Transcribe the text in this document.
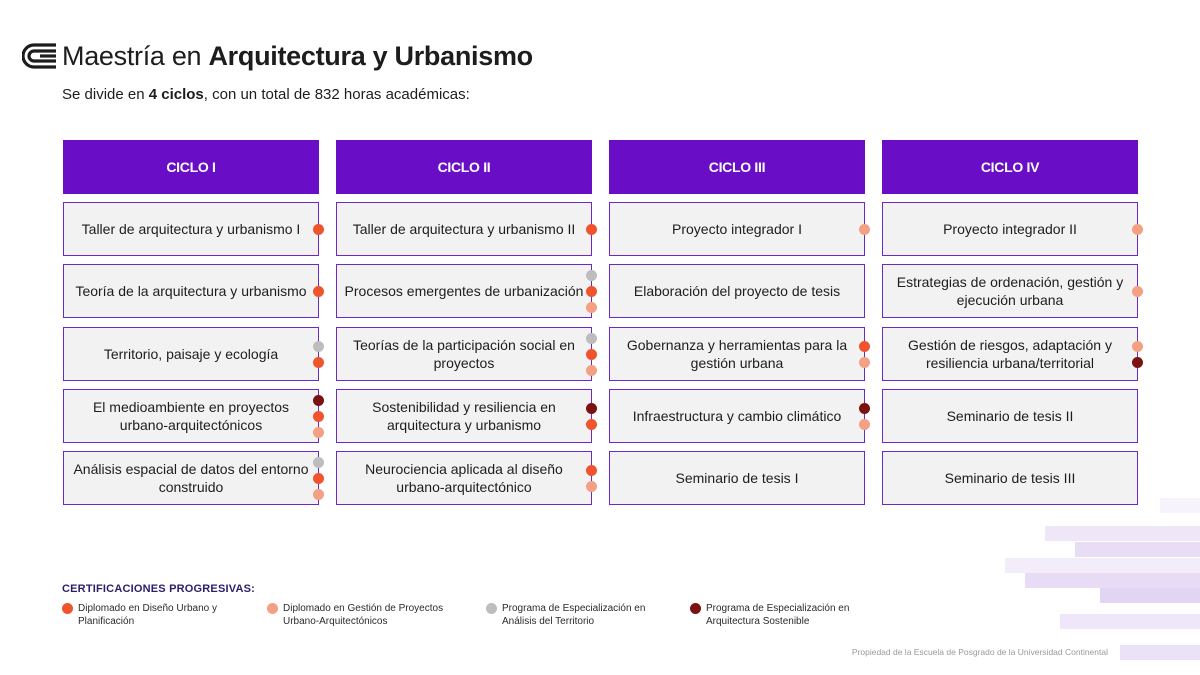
Maestría en Arquitectura y Urbanismo
Se divide en 4 ciclos, con un total de 832 horas académicas:
CICLO I
Taller de arquitectura y urbanismo I
Teoría de la arquitectura y urbanismo
Territorio, paisaje y ecología
El medioambiente en proyectos urbano-arquitectónicos
Análisis espacial de datos del entorno construido
CICLO II
Taller de arquitectura y urbanismo II
Procesos emergentes de urbanización
Teorías de la participación social en proyectos
Sostenibilidad y resiliencia en arquitectura y urbanismo
Neurociencia aplicada al diseño urbano-arquitectónico
CICLO III
Proyecto integrador I
Elaboración del proyecto de tesis
Gobernanza y herramientas para la gestión urbana
Infraestructura y cambio climático
Seminario de tesis I
CICLO IV
Proyecto integrador II
Estrategias de ordenación, gestión y ejecución urbana
Gestión de riesgos, adaptación y resiliencia urbana/territorial
Seminario de tesis II
Seminario de tesis III
CERTIFICACIONES PROGRESIVAS:
Diplomado en Diseño Urbano y
Planificación
Diplomado en Gestión de Proyectos
Urbano-Arquitectónicos
Programa de Especialización en
Análisis del Territorio
Programa de Especialización en
Arquitectura Sostenible
Propiedad de la Escuela de Posgrado de la Universidad Continental
